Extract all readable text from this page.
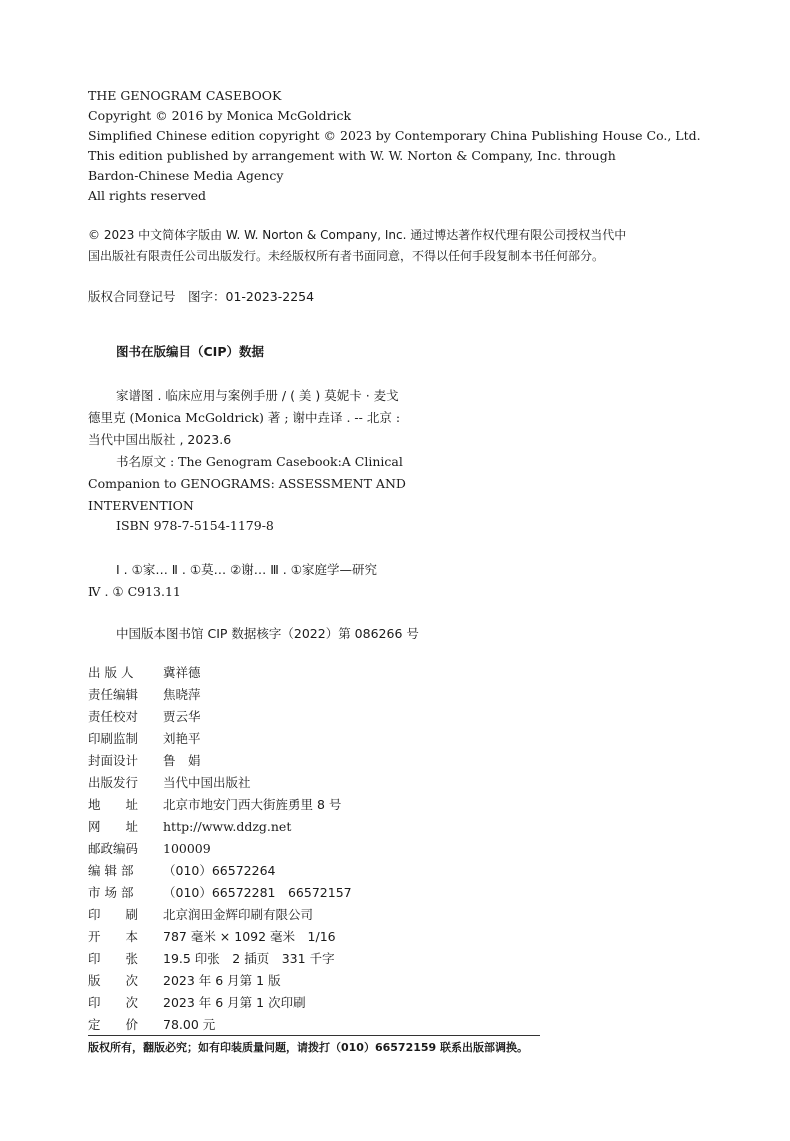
THE GENOGRAM CASEBOOK
Copyright © 2016 by Monica McGoldrick
Simplified Chinese edition copyright © 2023 by Contemporary China Publishing House Co., Ltd.
This edition published by arrangement with W. W. Norton & Company, Inc. through
Bardon-Chinese Media Agency
All rights reserved
© 2023 中文简体字版由 W. W. Norton & Company, Inc. 通过博达著作权代理有限公司授权当代中
国出版社有限责任公司出版发行。未经版权所有者书面同意，不得以任何手段复制本书任何部分。
版权合同登记号　图字：01-2023-2254
图书在版编目（CIP）数据
家谱图 . 临床应用与案例手册 / ( 美 ) 莫妮卡 · 麦戈
德里克 (Monica McGoldrick) 著 ; 谢中垚译 . -- 北京 :
当代中国出版社 , 2023.6
书名原文 : The Genogram Casebook:A Clinical
Companion to GENOGRAMS: ASSESSMENT AND
INTERVENTION
ISBN 978-7-5154-1179-8
Ⅰ . ①家… Ⅱ . ①莫… ②谢… Ⅲ . ①家庭学—研究
Ⅳ . ① C913.11
中国版本图书馆 CIP 数据核字（2022）第 086266 号
出 版 人	冀祥德
责任编辑	焦晓萍
责任校对	贾云华
印刷监制	刘艳平
封面设计	鲁　娟
出版发行	当代中国出版社
地　　址	北京市地安门西大街旌勇里 8 号
网　　址	http://www.ddzg.net
邮政编码	100009
编 辑 部	（010）66572264
市 场 部	（010）66572281　66572157
印　　刷	北京润田金辉印刷有限公司
开　　本	787 毫米 × 1092 毫米　1/16
印　　张	19.5 印张　2 插页　331 千字
版　　次	2023 年 6 月第 1 版
印　　次	2023 年 6 月第 1 次印刷
定　　价	78.00 元
版权所有，翻版必究；如有印装质量问题，请拨打（010）66572159 联系出版部调换。
